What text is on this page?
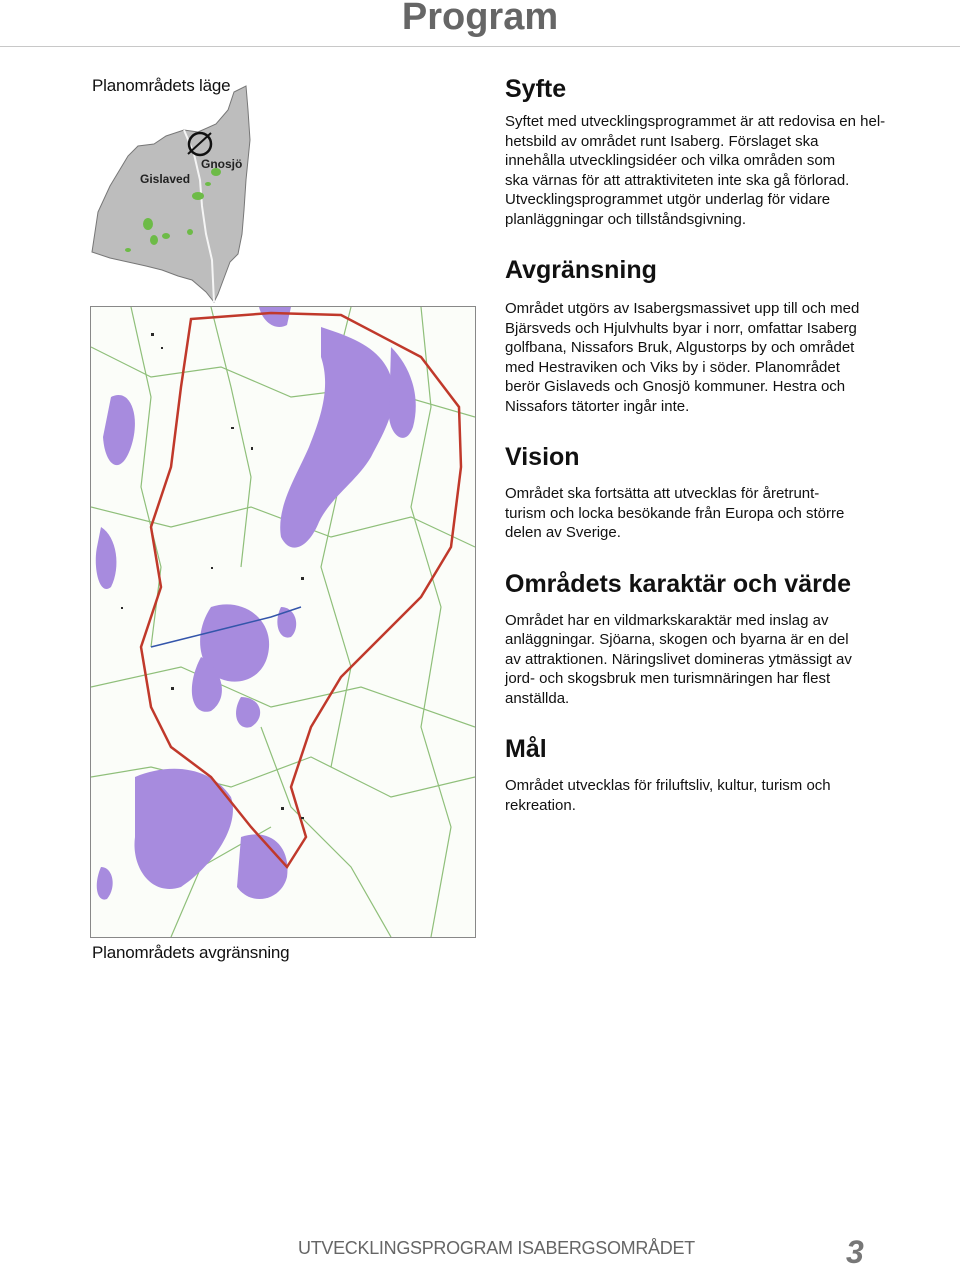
Program
Planområdets läge
Gislaved
Gnosjö
Planområdets avgränsning
Syfte

Syftet med utvecklingsprogrammet är att redovisa en hel-
hetsbild av området runt Isaberg. Förslaget ska
innehålla utvecklingsidéer och vilka områden som
ska värnas för att attraktiviteten inte ska gå förlorad.
Utvecklingsprogrammet utgör underlag för vidare
planläggningar och tillståndsgivning.

Avgränsning

Området utgörs av Isabergsmassivet upp till och med
Bjärsveds och Hjulvhults byar i norr, omfattar Isaberg
golfbana, Nissafors Bruk, Algustorps by och området
med Hestraviken och Viks by i söder. Planområdet
berör Gislaveds och Gnosjö kommuner. Hestra och
Nissafors tätorter ingår inte.

Vision

Området ska fortsätta att utvecklas för åretrunt-
turism och locka besökande från Europa och större
delen av Sverige.

Områdets karaktär och värde

Området har en vildmarkskaraktär med inslag av
anläggningar. Sjöarna, skogen och byarna är en del
av attraktionen. Näringslivet domineras ytmässigt av
jord- och skogsbruk men turismnäringen har flest
anställda.

Mål

Området utvecklas för friluftsliv, kultur, turism och
rekreation.

UTVECKLINGSPROGRAM ISABERGSOMRÅDET	3
